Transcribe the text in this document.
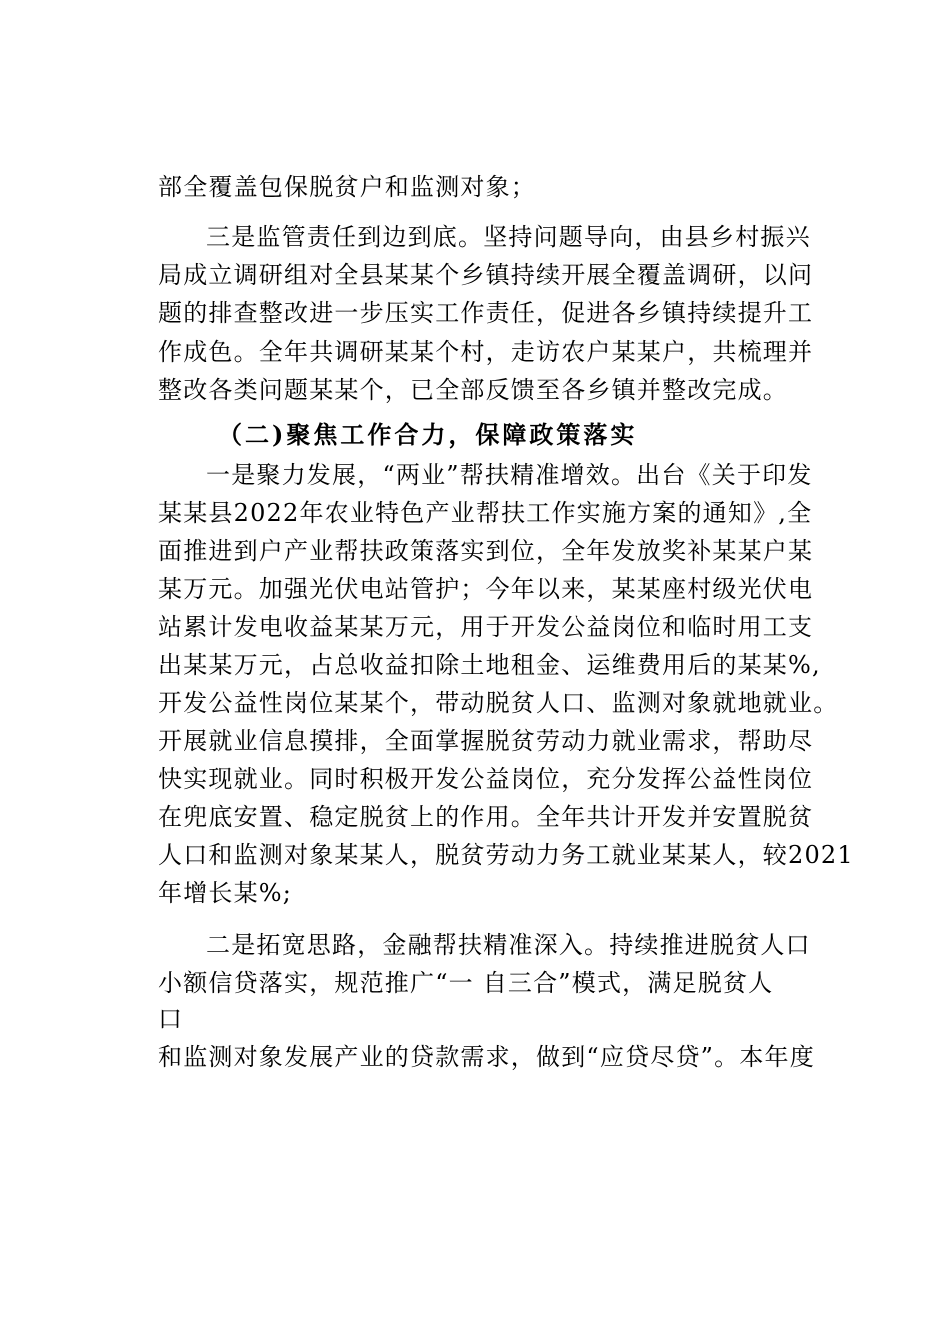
部全覆盖包保脱贫户和监测对象；
三是监管责任到边到底。坚持问题导向，由县乡村振兴
局成立调研组对全县某某个乡镇持续开展全覆盖调研，以问
题的排查整改进一步压实工作责任，促进各乡镇持续提升工
作成色。全年共调研某某个村，走访农户某某户，共梳理并
整改各类问题某某个，已全部反馈至各乡镇并整改完成。
（二)聚焦工作合力，保障政策落实
一是聚力发展，“两业”帮扶精准增效。出台《关于印发
某某县2022年农业特色产业帮扶工作实施方案的通知》,全
面推进到户产业帮扶政策落实到位，全年发放奖补某某户某
某万元。加强光伏电站管护；今年以来，某某座村级光伏电
站累计发电收益某某万元，用于开发公益岗位和临时用工支
出某某万元，占总收益扣除土地租金、运维费用后的某某%,
开发公益性岗位某某个，带动脱贫人口、监测对象就地就业。
开展就业信息摸排，全面掌握脱贫劳动力就业需求，帮助尽
快实现就业。同时积极开发公益岗位，充分发挥公益性岗位
在兜底安置、稳定脱贫上的作用。全年共计开发并安置脱贫
人口和监测对象某某人，脱贫劳动力务工就业某某人，较2021
年增长某%;
二是拓宽思路，金融帮扶精准深入。持续推进脱贫人口
小额信贷落实，规范推广“一 自三合”模式，满足脱贫人
口
和监测对象发展产业的贷款需求，做到“应贷尽贷”。本年度
